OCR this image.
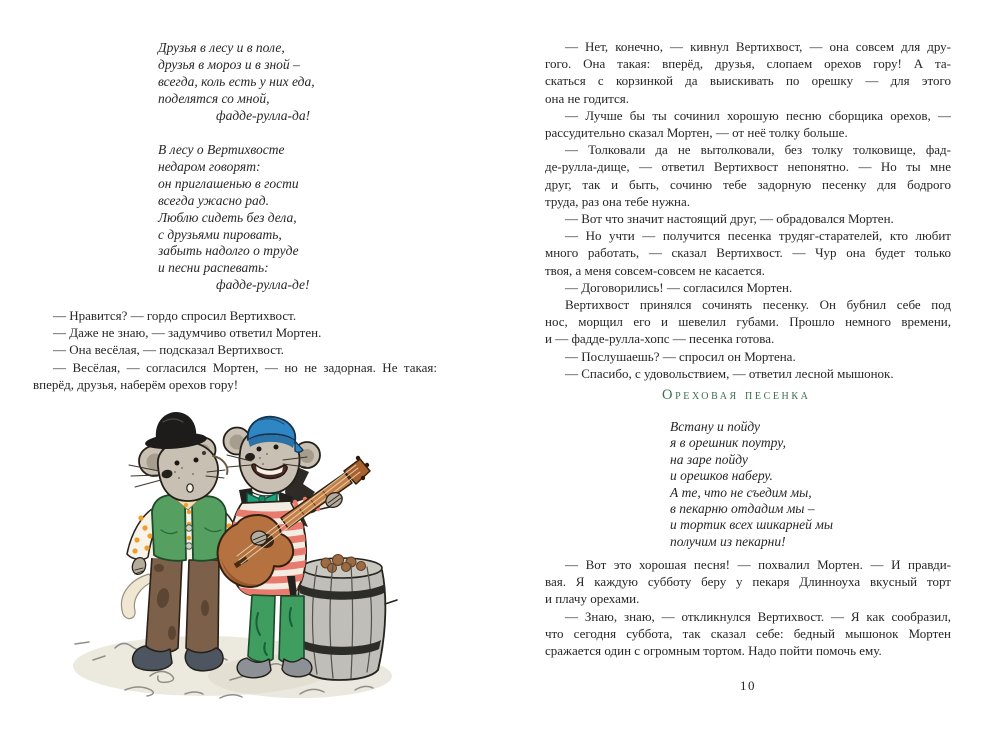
Друзья в лесу и в поле,
друзья в мороз и в зной –
всегда, коль есть у них еда,
поделятся со мной,
фадде-рулла-да!
В лесу о Вертихвосте
недаром говорят:
он приглашенью в гости
всегда ужасно рад.
Люблю сидеть без дела,
с друзьями пировать,
забыть надолго о труде
и песни распевать:
фадде-рулла-де!
— Нравится? — гордо спросил Вертихвост.
— Даже не знаю, — задумчиво ответил Мортен.
— Она весёлая, — подсказал Вертихвост.
— Весёлая, — согласился Мортен, — но не задорная. Не такая:
вперёд, друзья, наберём орехов гору!
— Нет, конечно, — кивнул Вертихвост, — она совсем для дру-
гого. Она такая: вперёд, друзья, слопаем орехов гору! А та-
скаться с корзинкой да выискивать по орешку — для этого
она не годится.
— Лучше бы ты сочинил хорошую песню сборщика орехов, —
рассудительно сказал Мортен, — от неё толку больше.
— Толковали да не вытолковали, без толку толковище, фад-
де-рулла-дище, — ответил Вертихвост непонятно. — Но ты мне
друг, так и быть, сочиню тебе задорную песенку для бодрого
труда, раз она тебе нужна.
— Вот что значит настоящий друг, — обрадовался Мортен.
— Но учти — получится песенка трудяг-старателей, кто любит
много работать, — сказал Вертихвост. — Чур она будет только
твоя, а меня совсем-совсем не касается.
— Договорились! — согласился Мортен.
Вертихвост принялся сочинять песенку. Он бубнил себе под
нос, морщил его и шевелил губами. Прошло немного времени,
и — фадде-рулла-хопс — песенка готова.
— Послушаешь? — спросил он Мортена.
— Спасибо, с удовольствием, — ответил лесной мышонок.
Ореховая песенка
Встану и пойду
я в орешник поутру,
на заре пойду
и орешков наберу.
А те, что не съедим мы,
в пекарню отдадим мы –
и тортик всех шикарней мы
получим из пекарни!
— Вот это хорошая песня! — похвалил Мортен. — И правди-
вая. Я каждую субботу беру у пекаря Длинноуха вкусный торт
и плачу орехами.
— Знаю, знаю, — откликнулся Вертихвост. — Я как сообразил,
что сегодня суббота, так сказал себе: бедный мышонок Мортен
сражается один с огромным тортом. Надо пойти помочь ему.
10
